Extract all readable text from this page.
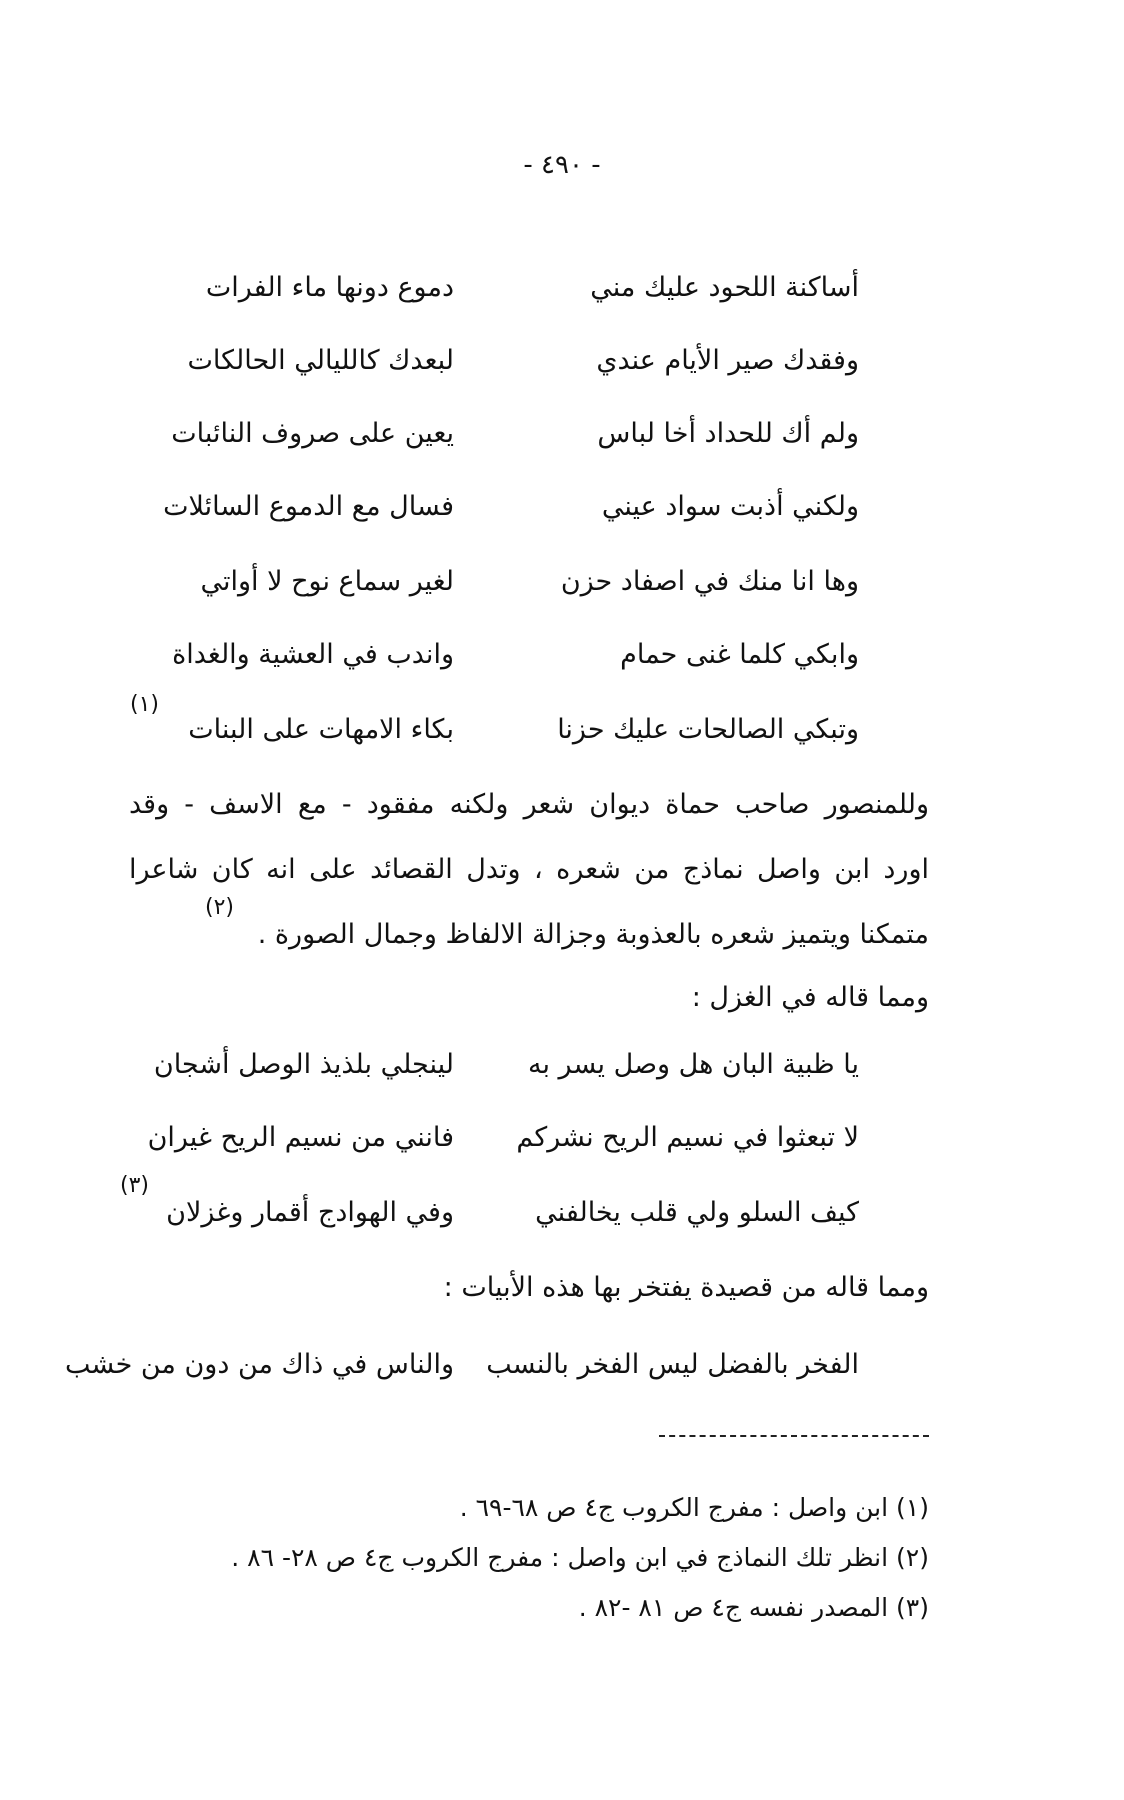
- ٤٩٠ -
أساكنة اللحود عليك مني
دموع دونها ماء الفرات
وفقدك صير الأيام عندي
لبعدك كالليالي الحالكات
ولم أك للحداد أخا لباس
يعين على صروف النائبات
ولكني أذبت سواد عيني
فسال مع الدموع السائلات
وها انا منك في اصفاد حزن
لغير سماع نوح لا أواتي
وابكي كلما غنى حمام
واندب في العشية والغداة
وتبكي الصالحات عليك حزنا
بكاء الامهات على البنات
(١)
وللمنصور صاحب حماة ديوان شعر ولكنه مفقود - مع الاسف - وقد
اورد ابن واصل نماذج من شعره ، وتدل القصائد على انه كان شاعرا
متمكنا ويتميز شعره بالعذوبة وجزالة الالفاظ وجمال الصورة .
(٢)
ومما قاله في الغزل :
يا ظبية البان هل وصل يسر به
لينجلي بلذيذ الوصل أشجان
لا تبعثوا في نسيم الريح نشركم
فانني من نسيم الريح غيران
كيف السلو ولي قلب يخالفني
وفي الهوادج أقمار وغزلان
(٣)
ومما قاله من قصيدة يفتخر بها هذه الأبيات :
الفخر بالفضل ليس الفخر بالنسب
والناس في ذاك من دون من خشب
(١) ابن واصل : مفرج الكروب ج٤ ص ٦٨-٦٩ .
(٢) انظر تلك النماذج في ابن واصل : مفرج الكروب ج٤ ص ٢٨- ٨٦ .
(٣) المصدر نفسه ج٤ ص ٨١ -٨٢ .
